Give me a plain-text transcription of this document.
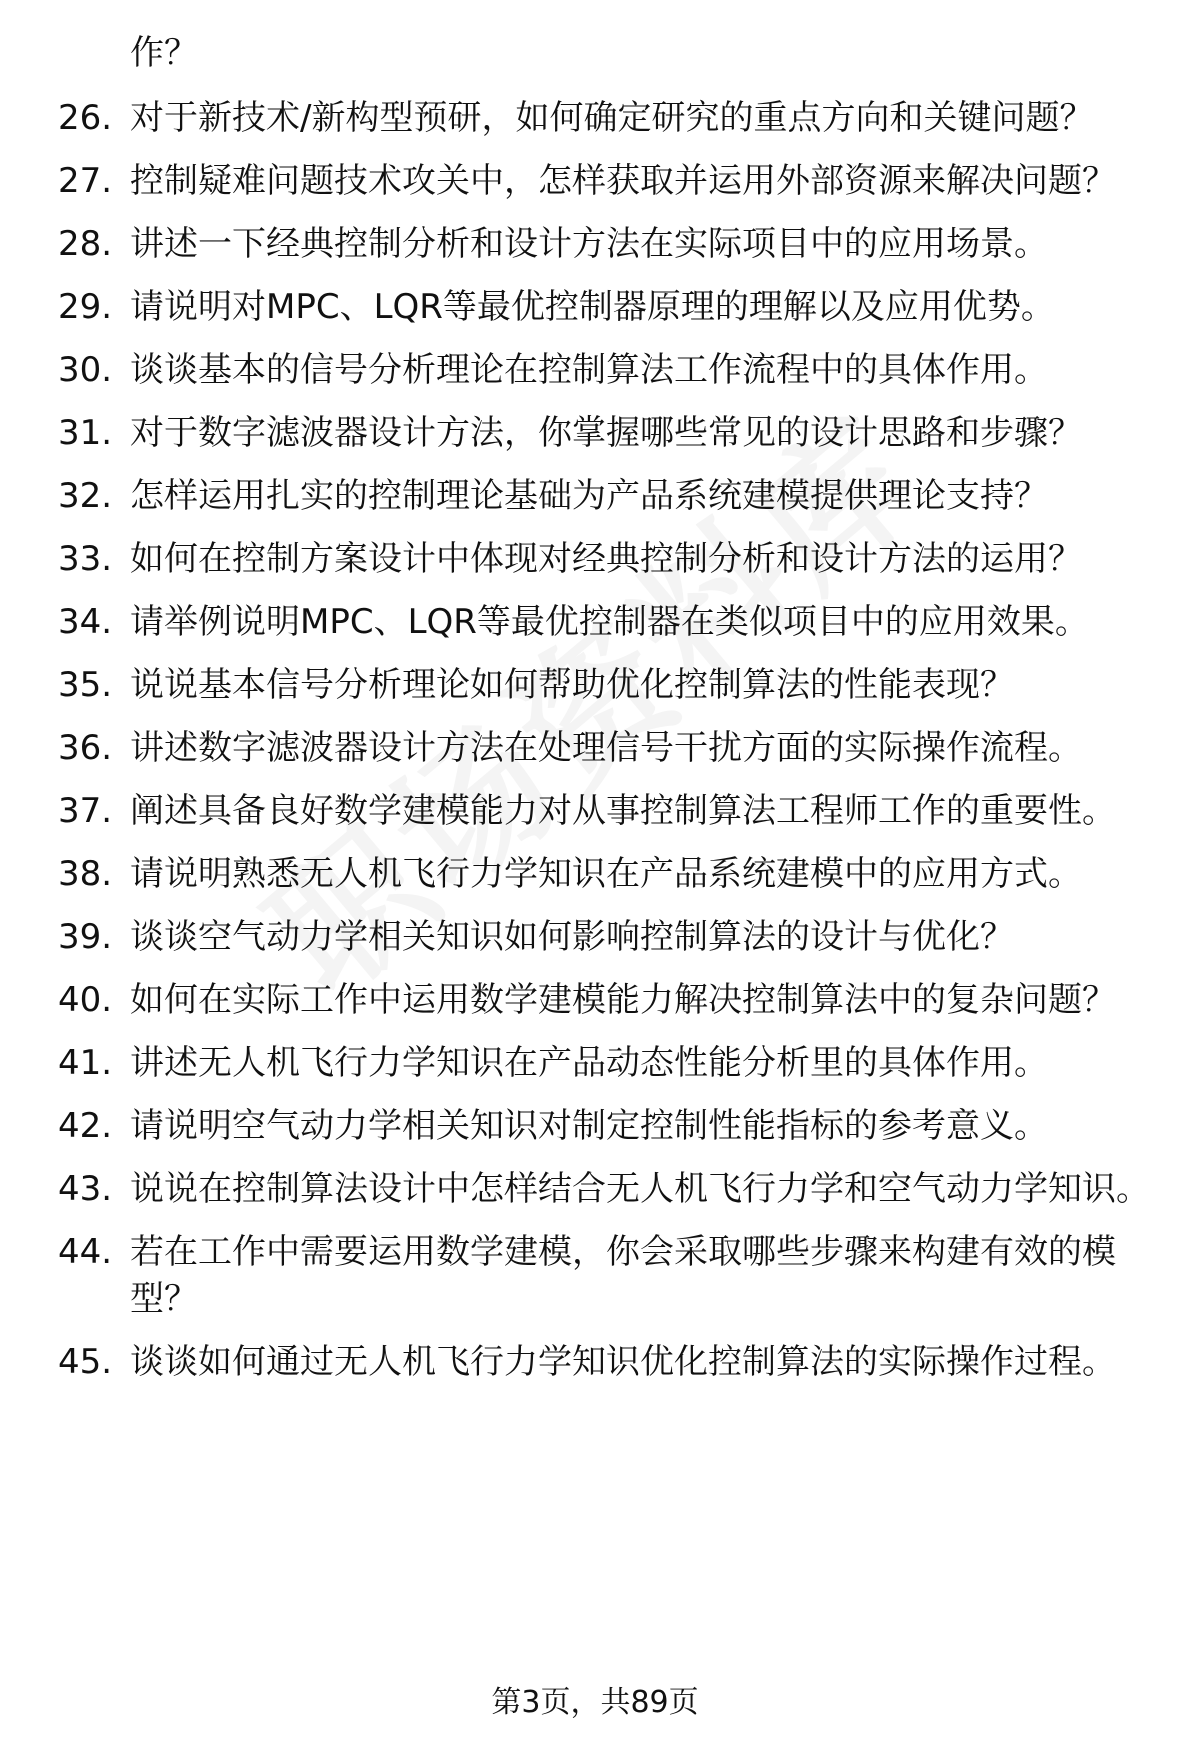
作？
26. 对于新技术/新构型预研，如何确定研究的重点方向和关键问题？
27. 控制疑难问题技术攻关中，怎样获取并运用外部资源来解决问题？
28. 讲述一下经典控制分析和设计方法在实际项目中的应用场景。
29. 请说明对MPC、LQR等最优控制器原理的理解以及应用优势。
30. 谈谈基本的信号分析理论在控制算法工作流程中的具体作用。
31. 对于数字滤波器设计方法，你掌握哪些常见的设计思路和步骤？
32. 怎样运用扎实的控制理论基础为产品系统建模提供理论支持？
33. 如何在控制方案设计中体现对经典控制分析和设计方法的运用？
34. 请举例说明MPC、LQR等最优控制器在类似项目中的应用效果。
35. 说说基本信号分析理论如何帮助优化控制算法的性能表现？
36. 讲述数字滤波器设计方法在处理信号干扰方面的实际操作流程。
37. 阐述具备良好数学建模能力对从事控制算法工程师工作的重要性。
38. 请说明熟悉无人机飞行力学知识在产品系统建模中的应用方式。
39. 谈谈空气动力学相关知识如何影响控制算法的设计与优化？
40. 如何在实际工作中运用数学建模能力解决控制算法中的复杂问题？
41. 讲述无人机飞行力学知识在产品动态性能分析里的具体作用。
42. 请说明空气动力学相关知识对制定控制性能指标的参考意义。
43. 说说在控制算法设计中怎样结合无人机飞行力学和空气动力学知识。
44. 若在工作中需要运用数学建模，你会采取哪些步骤来构建有效的模型？
45. 谈谈如何通过无人机飞行力学知识优化控制算法的实际操作过程。
第3页，共89页
